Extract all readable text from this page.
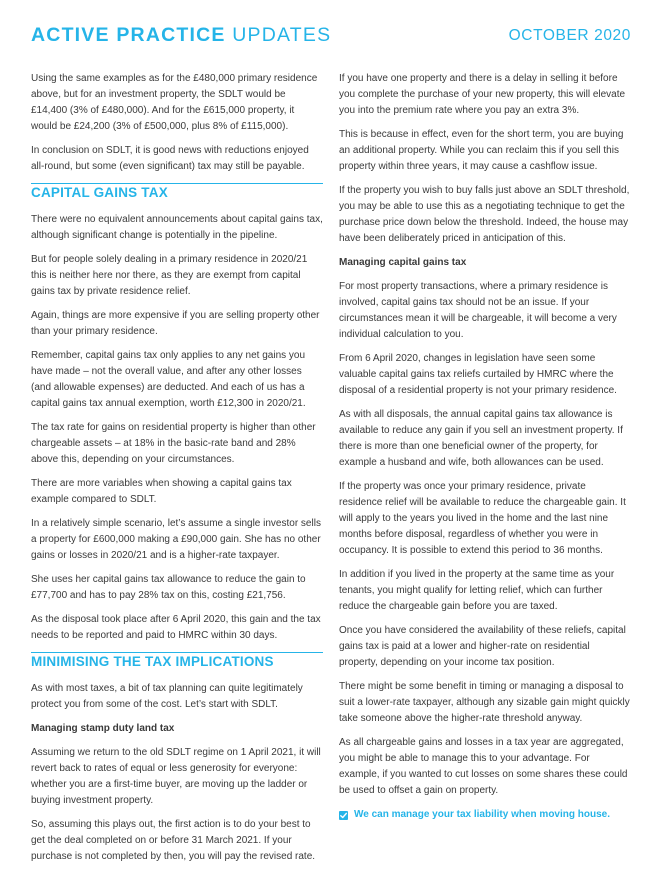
ACTIVE PRACTICE UPDATES	OCTOBER 2020

Using the same examples as for the £480,000 primary residence above, but for an investment property, the SDLT would be £14,400 (3% of £480,000). And for the £615,000 property, it would be £24,200 (3% of £500,000, plus 8% of £115,000).

In conclusion on SDLT, it is good news with reductions enjoyed all-round, but some (even significant) tax may still be payable.

CAPITAL GAINS TAX

There were no equivalent announcements about capital gains tax, although significant change is potentially in the pipeline.

But for people solely dealing in a primary residence in 2020/21 this is neither here nor there, as they are exempt from capital gains tax by private residence relief.

Again, things are more expensive if you are selling property other than your primary residence.

Remember, capital gains tax only applies to any net gains you have made – not the overall value, and after any other losses (and allowable expenses) are deducted. And each of us has a capital gains tax annual exemption, worth £12,300 in 2020/21.

The tax rate for gains on residential property is higher than other chargeable assets – at 18% in the basic-rate band and 28% above this, depending on your circumstances.

There are more variables when showing a capital gains tax example compared to SDLT.

In a relatively simple scenario, let’s assume a single investor sells a property for £600,000 making a £90,000 gain. She has no other gains or losses in 2020/21 and is a higher-rate taxpayer.

She uses her capital gains tax allowance to reduce the gain to £77,700 and has to pay 28% tax on this, costing £21,756.

As the disposal took place after 6 April 2020, this gain and the tax needs to be reported and paid to HMRC within 30 days.

MINIMISING THE TAX IMPLICATIONS

As with most taxes, a bit of tax planning can quite legitimately protect you from some of the cost. Let’s start with SDLT.

Managing stamp duty land tax

Assuming we return to the old SDLT regime on 1 April 2021, it will revert back to rates of equal or less generosity for everyone: whether you are a first-time buyer, are moving up the ladder or buying investment property.

So, assuming this plays out, the first action is to do your best to get the deal completed on or before 31 March 2021. If your purchase is not completed by then, you will pay the revised rate.

If you have one property and there is a delay in selling it before you complete the purchase of your new property, this will elevate you into the premium rate where you pay an extra 3%.

This is because in effect, even for the short term, you are buying an additional property. While you can reclaim this if you sell this property within three years, it may cause a cashflow issue.

If the property you wish to buy falls just above an SDLT threshold, you may be able to use this as a negotiating technique to get the purchase price down below the threshold. Indeed, the house may have been deliberately priced in anticipation of this.

Managing capital gains tax

For most property transactions, where a primary residence is involved, capital gains tax should not be an issue. If your circumstances mean it will be chargeable, it will become a very individual calculation to you.

From 6 April 2020, changes in legislation have seen some valuable capital gains tax reliefs curtailed by HMRC where the disposal of a residential property is not your primary residence.

As with all disposals, the annual capital gains tax allowance is available to reduce any gain if you sell an investment property. If there is more than one beneficial owner of the property, for example a husband and wife, both allowances can be used.

If the property was once your primary residence, private residence relief will be available to reduce the chargeable gain. It will apply to the years you lived in the home and the last nine months before disposal, regardless of whether you were in occupancy. It is possible to extend this period to 36 months.

In addition if you lived in the property at the same time as your tenants, you might qualify for letting relief, which can further reduce the chargeable gain before you are taxed.

Once you have considered the availability of these reliefs, capital gains tax is paid at a lower and higher-rate on residential property, depending on your income tax position.

There might be some benefit in timing or managing a disposal to suit a lower-rate taxpayer, although any sizable gain might quickly take someone above the higher-rate threshold anyway.

As all chargeable gains and losses in a tax year are aggregated, you might be able to manage this to your advantage. For example, if you wanted to cut losses on some shares these could be used to offset a gain on property.

We can manage your tax liability when moving house.
